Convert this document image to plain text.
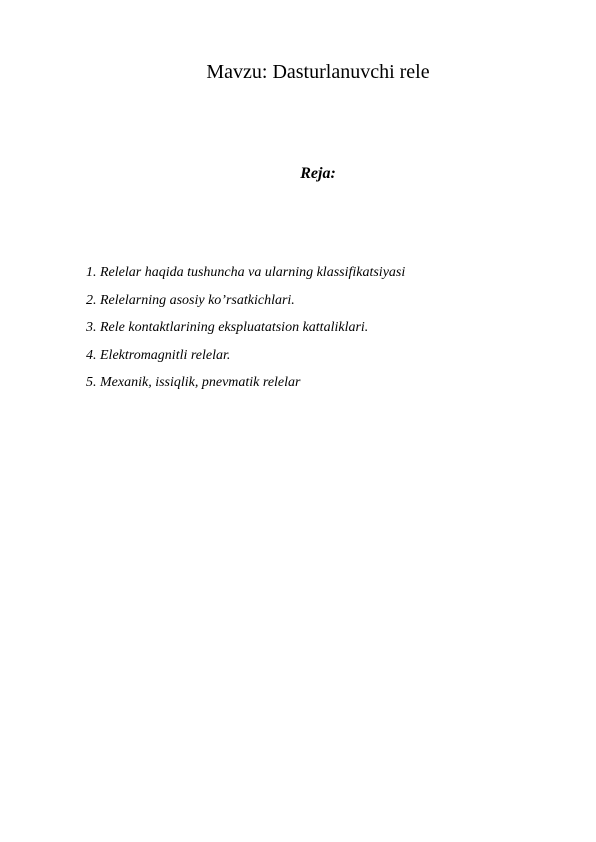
Mavzu: Dasturlanuvchi rele
Reja:
1. Relelar haqida tushuncha va ularning klassifikatsiyasi
2. Relelarning asosiy ko’rsatkichlari.
3. Rele kontaktlarining ekspluatatsion kattaliklari.
4. Elektromagnitli relelar.
5. Mexanik, issiqlik, pnevmatik relelar
